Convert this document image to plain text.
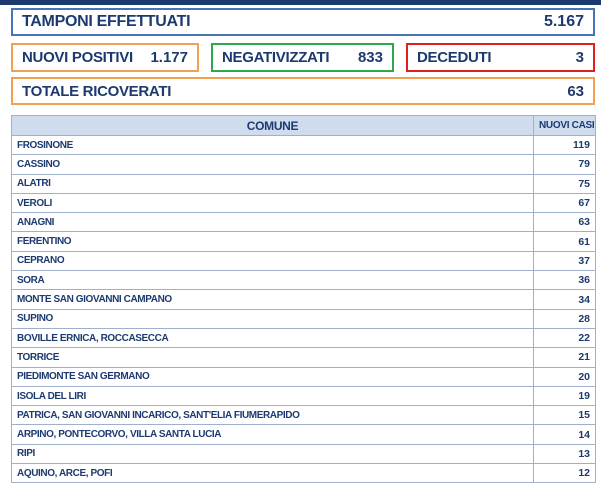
TAMPONI EFFETTUATI	5.167
NUOVI POSITIVI 1.177 NEGATIVIZZATI 833 DECEDUTI	3
TOTALE RICOVERATI	63
COMUNE	NUOVI CASI
FROSINONE	119
CASSINO	79
ALATRI	75
VEROLI	67
ANAGNI	63
FERENTINO	61
CEPRANO	37
SORA	36
MONTE SAN GIOVANNI CAMPANO	34
SUPINO	28
BOVILLE ERNICA, ROCCASECCA	22
TORRICE	21
PIEDIMONTE SAN GERMANO	20
ISOLA DEL LIRI	19
PATRICA, SAN GIOVANNI INCARICO, SANT'ELIA FIUMERAPIDO	15
ARPINO, PONTECORVO, VILLA SANTA LUCIA	14
RIPI	13
AQUINO, ARCE, POFI	12
